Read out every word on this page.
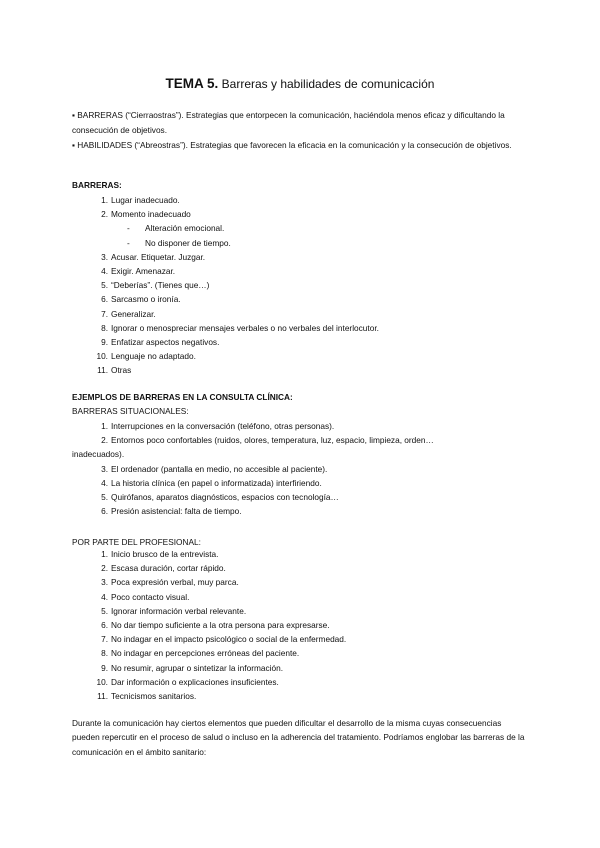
TEMA 5. Barreras y habilidades de comunicación

▪ BARRERAS (“Cierraostras”). Estrategias que entorpecen la comunicación, haciéndola menos eficaz y dificultando la consecución de objetivos.

▪ HABILIDADES (“Abreostras”). Estrategias que favorecen la eficacia en la comunicación y la consecución de objetivos.

BARRERAS:
1. Lugar inadecuado.
2. Momento inadecuado
- Alteración emocional.
- No disponer de tiempo.
3. Acusar. Etiquetar. Juzgar.
4. Exigir. Amenazar.
5. “Deberías”. (Tienes que…)
6. Sarcasmo o ironía.
7. Generalizar.
8. Ignorar o menospreciar mensajes verbales o no verbales del interlocutor.
9. Enfatizar aspectos negativos.
10. Lenguaje no adaptado.
11. Otras
EJEMPLOS DE BARRERAS EN LA CONSULTA CLÍNICA:
BARRERAS SITUACIONALES:
1. Interrupciones en la conversación (teléfono, otras personas).
2. Entornos poco confortables (ruidos, olores, temperatura, luz, espacio, limpieza, orden…
inadecuados).
3. El ordenador (pantalla en medio, no accesible al paciente).
4. La historia clínica (en papel o informatizada) interfiriendo.
5. Quirófanos, aparatos diagnósticos, espacios con tecnología…
6. Presión asistencial: falta de tiempo.
POR PARTE DEL PROFESIONAL:
1. Inicio brusco de la entrevista.
2. Escasa duración, cortar rápido.
3. Poca expresión verbal, muy parca.
4. Poco contacto visual.
5. Ignorar información verbal relevante.
6. No dar tiempo suficiente a la otra persona para expresarse.
7. No indagar en el impacto psicológico o social de la enfermedad.
8. No indagar en percepciones erróneas del paciente.
9. No resumir, agrupar o sintetizar la información.
10. Dar información o explicaciones insuficientes.
11. Tecnicismos sanitarios.

Durante la comunicación hay ciertos elementos que pueden dificultar el desarrollo de la misma cuyas consecuencias pueden repercutir en el proceso de salud o incluso en la adherencia del tratamiento. Podríamos englobar las barreras de la comunicación en el ámbito sanitario:
